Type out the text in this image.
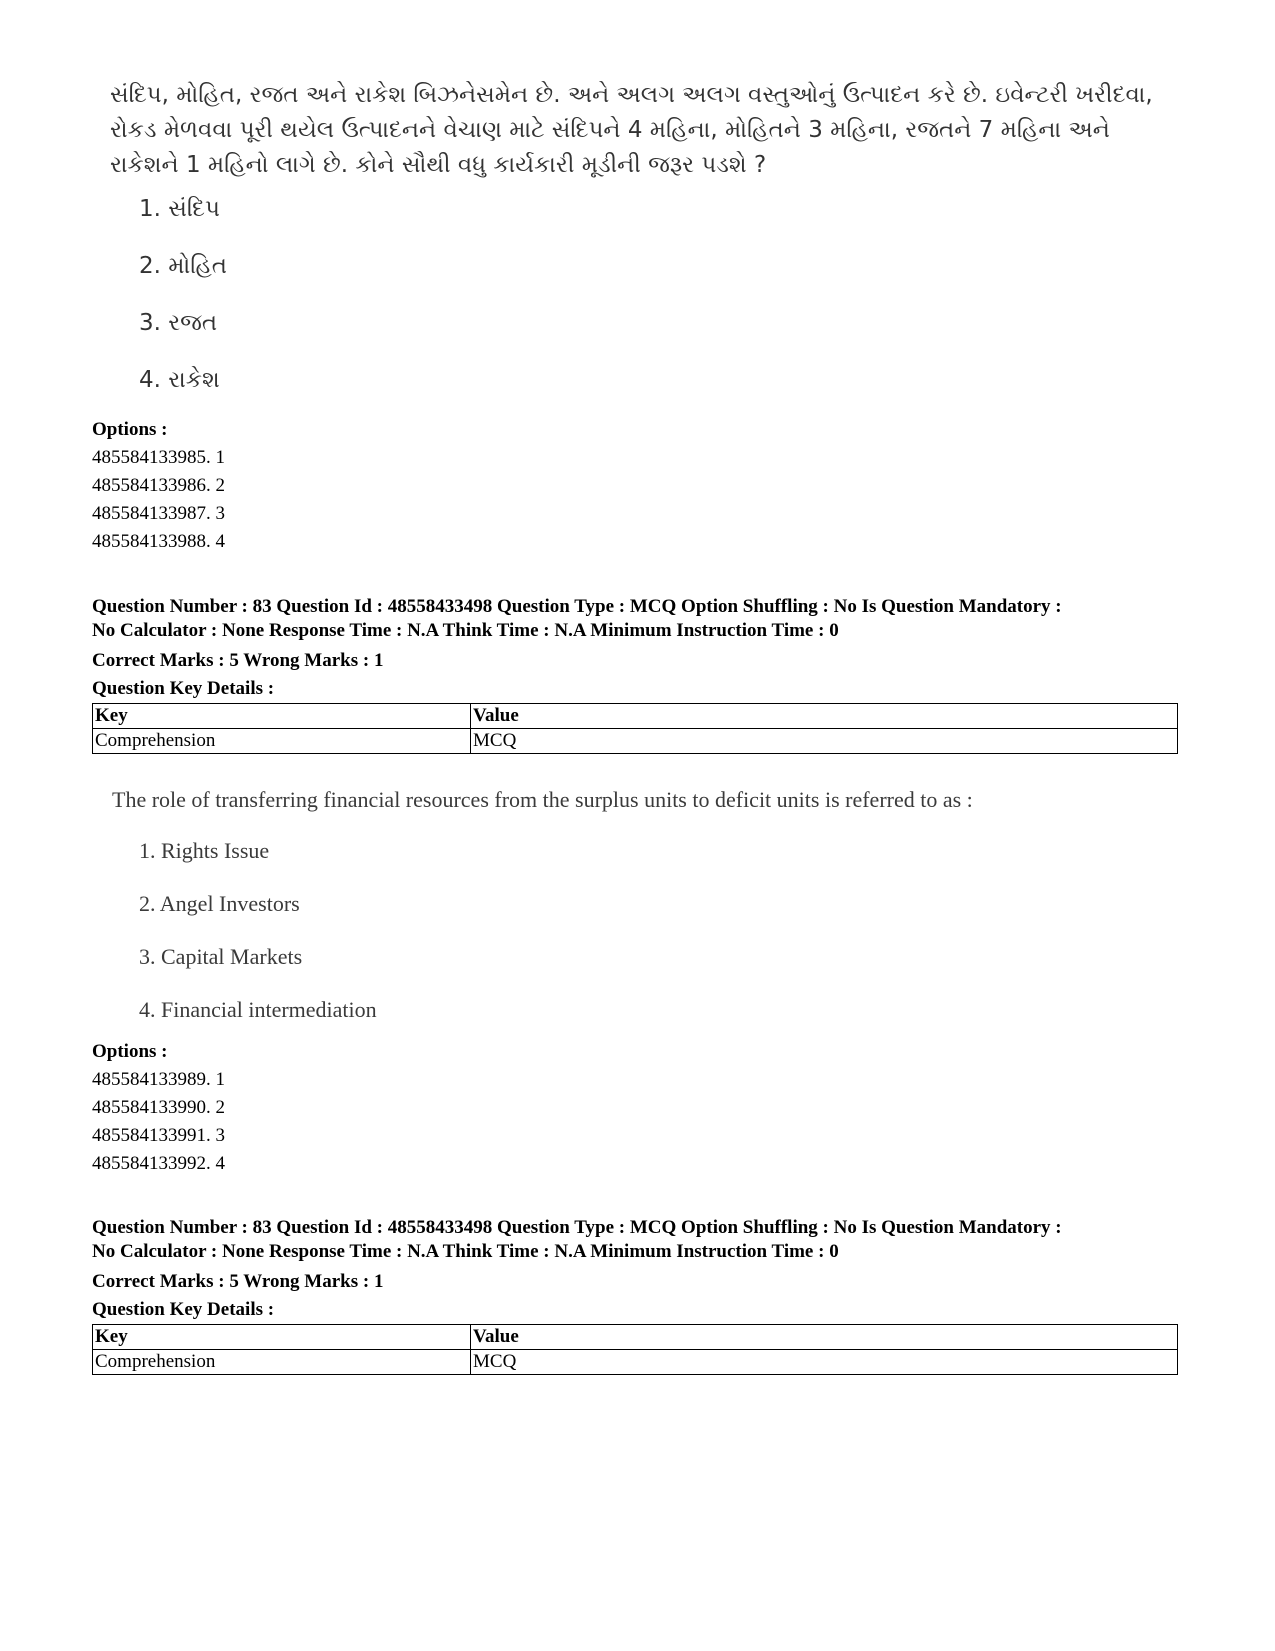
સંદિપ, મોહિત, રજત અને રાકેશ બિઝનેસમેન છે. અને અલગ અલગ વસ્તુઓનું ઉત્પાદન કરે છે. ઇવેન્ટરી ખરીદવા, રોકડ મેળવવા પૂરી થયેલ ઉત્પાદનને વેચાણ માટે સંદિપને 4 મહિના, મોહિતને 3 મહિના, રજતને 7 મહિના અને રાકેશને 1 મહિનો લાગે છે. કોને સૌથી વધુ કાર્યકારી મૂડીની જરૂર પડશે ?
1. સંદિપ
2. મોહિત
3. રજત
4. રાકેશ
Options :
485584133985. 1
485584133986. 2
485584133987. 3
485584133988. 4
Question Number : 83 Question Id : 48558433498 Question Type : MCQ Option Shuffling : No Is Question Mandatory :
No Calculator : None Response Time : N.A Think Time : N.A Minimum Instruction Time : 0
Correct Marks : 5 Wrong Marks : 1
Question Key Details :
Key	Value
Comprehension	MCQ
The role of transferring financial resources from the surplus units to deficit units is referred to as :
1. Rights Issue
2. Angel Investors
3. Capital Markets
4. Financial intermediation
Options :
485584133989. 1
485584133990. 2
485584133991. 3
485584133992. 4
Question Number : 83 Question Id : 48558433498 Question Type : MCQ Option Shuffling : No Is Question Mandatory :
No Calculator : None Response Time : N.A Think Time : N.A Minimum Instruction Time : 0
Correct Marks : 5 Wrong Marks : 1
Question Key Details :
Key	Value
Comprehension	MCQ
